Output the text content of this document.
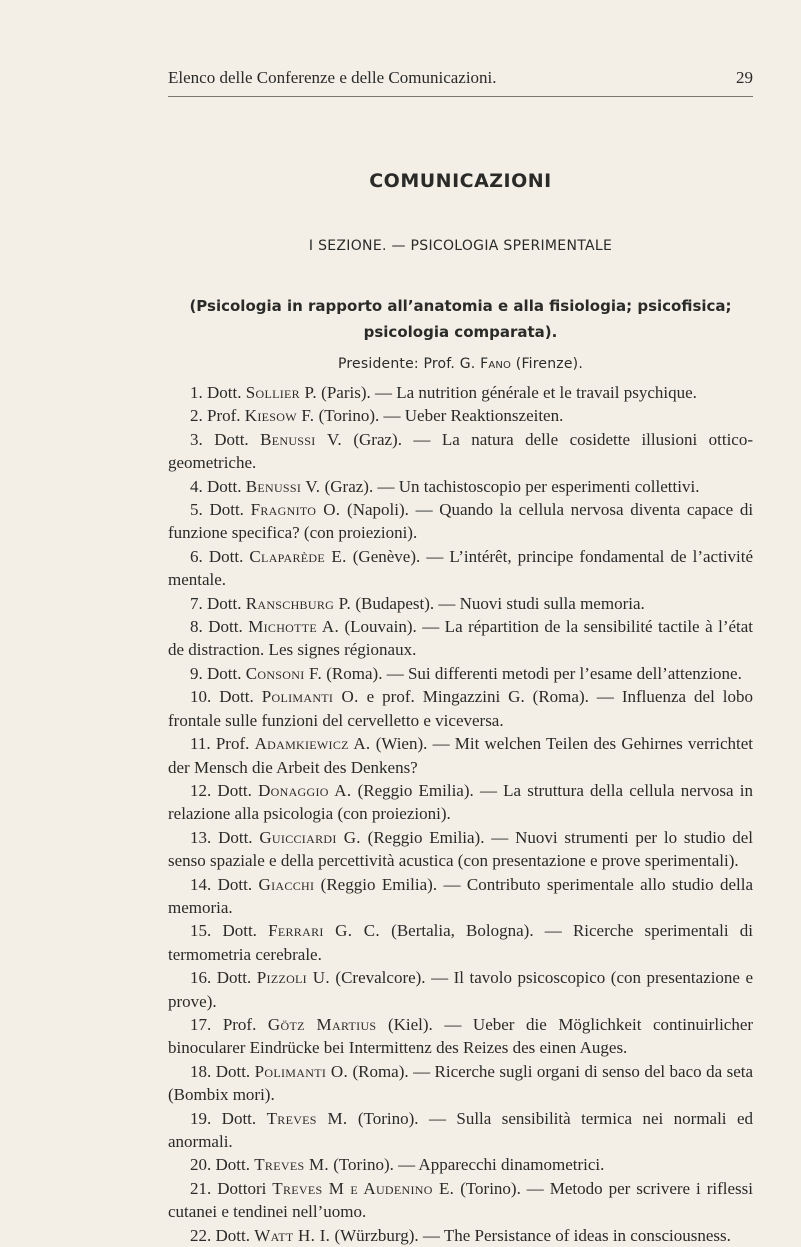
Elenco delle Conferenze e delle Comunicazioni.	29
COMUNICAZIONI
I SEZIONE. — PSICOLOGIA SPERIMENTALE
(Psicologia in rapporto all’anatomia e alla fisiologia; psicofisica;
psicologia comparata).
Presidente: Prof. G. Fano (Firenze).

1. Dott. Sollier P. (Paris). — La nutrition générale et le travail psychique.

2. Prof. Kiesow F. (Torino). — Ueber Reaktionszeiten.

3. Dott. Benussi V. (Graz). — La natura delle cosidette illusioni ottico-geometriche.

4. Dott. Benussi V. (Graz). — Un tachistoscopio per esperimenti collettivi.

5. Dott. Fragnito O. (Napoli). — Quando la cellula nervosa diventa capace di funzione specifica? (con proiezioni).

6. Dott. Claparède E. (Genève). — L’intérêt, principe fondamental de l’activité mentale.

7. Dott. Ranschburg P. (Budapest). — Nuovi studi sulla memoria.

8. Dott. Michotte A. (Louvain). — La répartition de la sensibilité tactile à l’état de distraction. Les signes régionaux.

9. Dott. Consoni F. (Roma). — Sui differenti metodi per l’esame dell’attenzione.

10. Dott. Polimanti O. e prof. Mingazzini G. (Roma). — Influenza del lobo frontale sulle funzioni del cervelletto e viceversa.

11. Prof. Adamkiewicz A. (Wien). — Mit welchen Teilen des Gehirnes verrichtet der Mensch die Arbeit des Denkens?

12. Dott. Donaggio A. (Reggio Emilia). — La struttura della cellula nervosa in relazione alla psicologia (con proiezioni).

13. Dott. Guicciardi G. (Reggio Emilia). — Nuovi strumenti per lo studio del senso spaziale e della percettività acustica (con presentazione e prove sperimentali).

14. Dott. Giacchi (Reggio Emilia). — Contributo sperimentale allo studio della memoria.

15. Dott. Ferrari G. C. (Bertalia, Bologna). — Ricerche sperimentali di termometria cerebrale.

16. Dott. Pizzoli U. (Crevalcore). — Il tavolo psicoscopico (con presentazione e prove).

17. Prof. Götz Martius (Kiel). — Ueber die Möglichkeit continuirlicher binocularer Eindrücke bei Intermittenz des Reizes des einen Auges.

18. Dott. Polimanti O. (Roma). — Ricerche sugli organi di senso del baco da seta (Bombix mori).

19. Dott. Treves M. (Torino). — Sulla sensibilità termica nei normali ed anormali.

20. Dott. Treves M. (Torino). — Apparecchi dinamometrici.

21. Dottori Treves M e Audenino E. (Torino). — Metodo per scrivere i riflessi cutanei e tendinei nell’uomo.

22. Dott. Watt H. I. (Würzburg). — The Persistance of ideas in consciousness.
